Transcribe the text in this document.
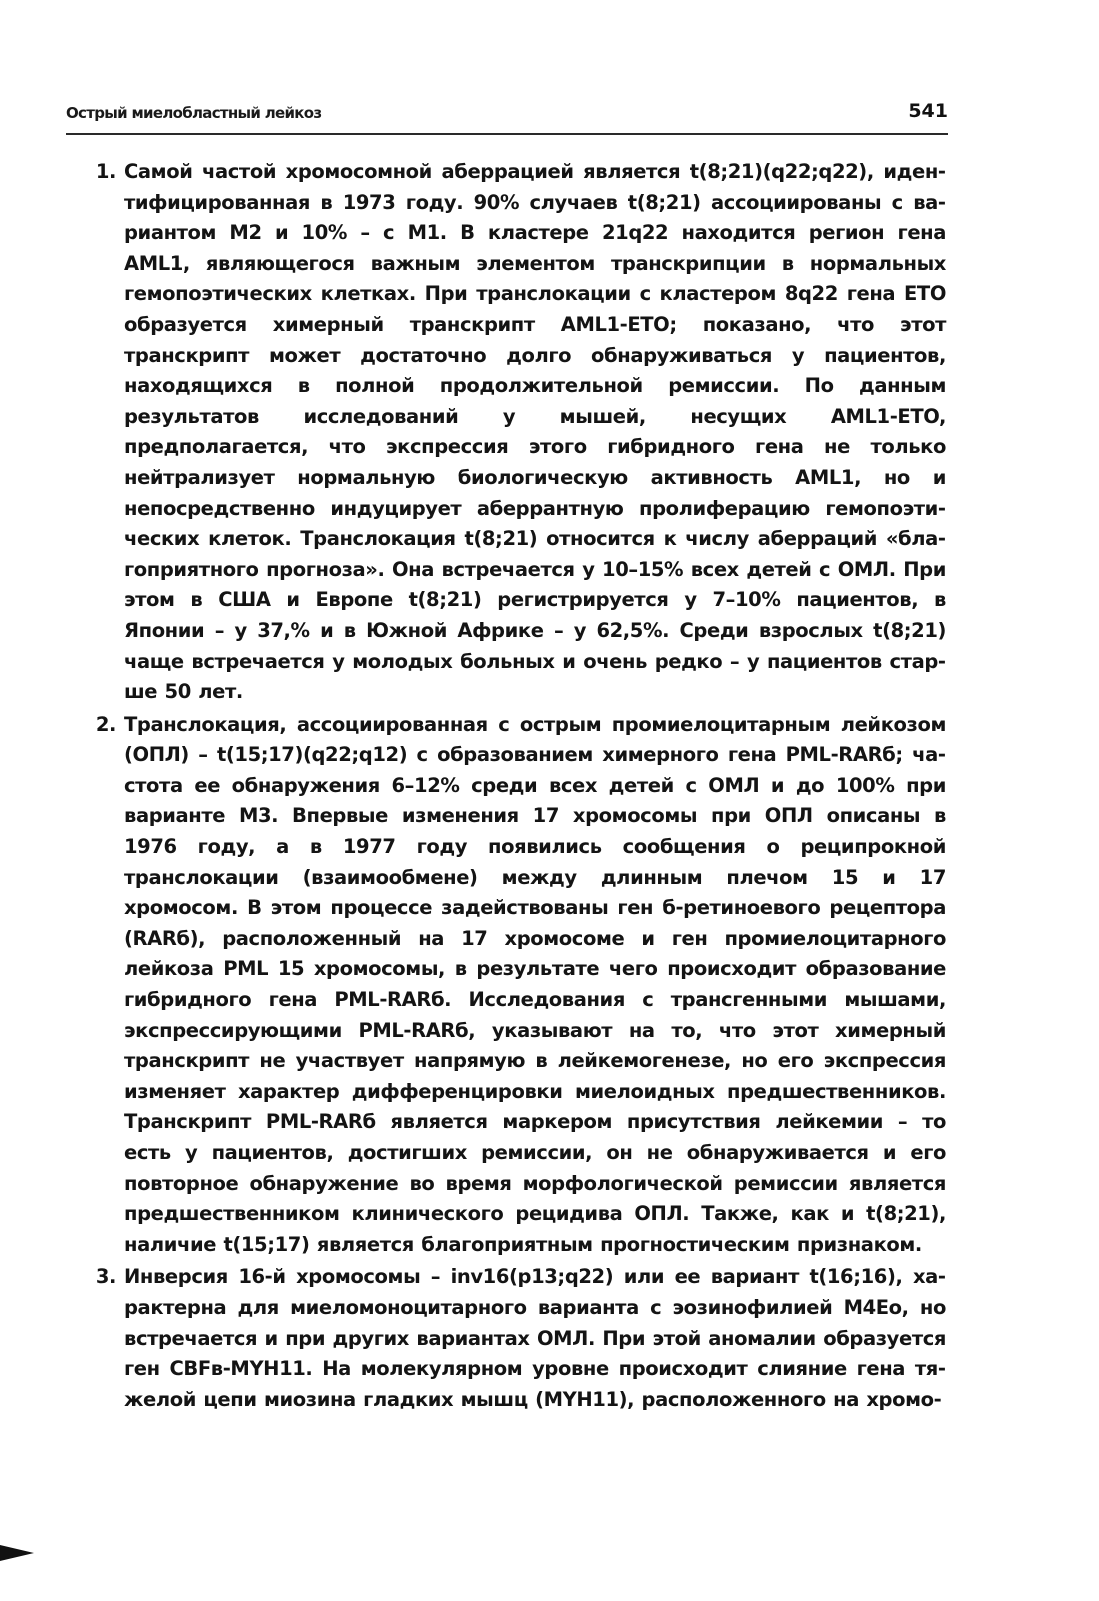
Острый миелобластный лейкоз	541
1. Самой частой хромосомной аберрацией является t(8;21)(q22;q22), идентифицированная в 1973 году. 90% случаев t(8;21) ассоциированы с вариантом М2 и 10% – с М1. В кластере 21q22 находится регион гена AML1, являющегося важным элементом транскрипции в нормальных гемопоэтических клетках. При транслокации с кластером 8q22 гена ETO образуется химерный транскрипт AML1-ETO; показано, что этот транскрипт может достаточно долго обнаруживаться у пациентов, находящихся в полной продолжительной ремиссии. По данным результатов исследований у мышей, несущих AML1-ETO, предполагается, что экспрессия этого гибридного гена не только нейтрализует нормальную биологическую активность AML1, но и непосредственно индуцирует аберрантную пролиферацию гемопоэтических клеток. Транслокация t(8;21) относится к числу аберраций «благоприятного прогноза». Она встречается у 10–15% всех детей с ОМЛ. При этом в США и Европе t(8;21) регистрируется у 7–10% пациентов, в Японии – у 37,% и в Южной Африке – у 62,5%. Среди взрослых t(8;21) чаще встречается у молодых больных и очень редко – у пациентов старше 50 лет.

2. Транслокация, ассоциированная с острым промиелоцитарным лейкозом (ОПЛ) – t(15;17)(q22;q12) с образованием химерного гена PML-RARб; частота ее обнаружения 6–12% среди всех детей с ОМЛ и до 100% при варианте М3. Впервые изменения 17 хромосомы при ОПЛ описаны в 1976 году, а в 1977 году появились сообщения о реципрокной транслокации (взаимообмене) между длинным плечом 15 и 17 хромосом. В этом процессе задействованы ген б-ретиноевого рецептора (RARб), расположенный на 17 хромосоме и ген промиелоцитарного лейкоза PML 15 хромосомы, в результате чего происходит образование гибридного гена PML-RARб. Исследования с трансгенными мышами, экспрессирующими PML-RARб, указывают на то, что этот химерный транскрипт не участвует напрямую в лейкемогенезе, но его экспрессия изменяет характер дифференцировки миелоидных предшественников. Транскрипт PML-RARб является маркером присутствия лейкемии – то есть у пациентов, достигших ремиссии, он не обнаруживается и его повторное обнаружение во время морфологической ремиссии является предшественником клинического рецидива ОПЛ. Также, как и t(8;21), наличие t(15;17) является благоприятным прогностическим признаком.

3. Инверсия 16-й хромосомы – inv16(p13;q22) или ее вариант t(16;16), характерна для миеломоноцитарного варианта с эозинофилией М4Ео, но встречается и при других вариантах ОМЛ. При этой аномалии образуется ген CBFв-MYH11. На молекулярном уровне происходит слияние гена тяжелой цепи миозина гладких мышц (MYH11), расположенного на хромо-
